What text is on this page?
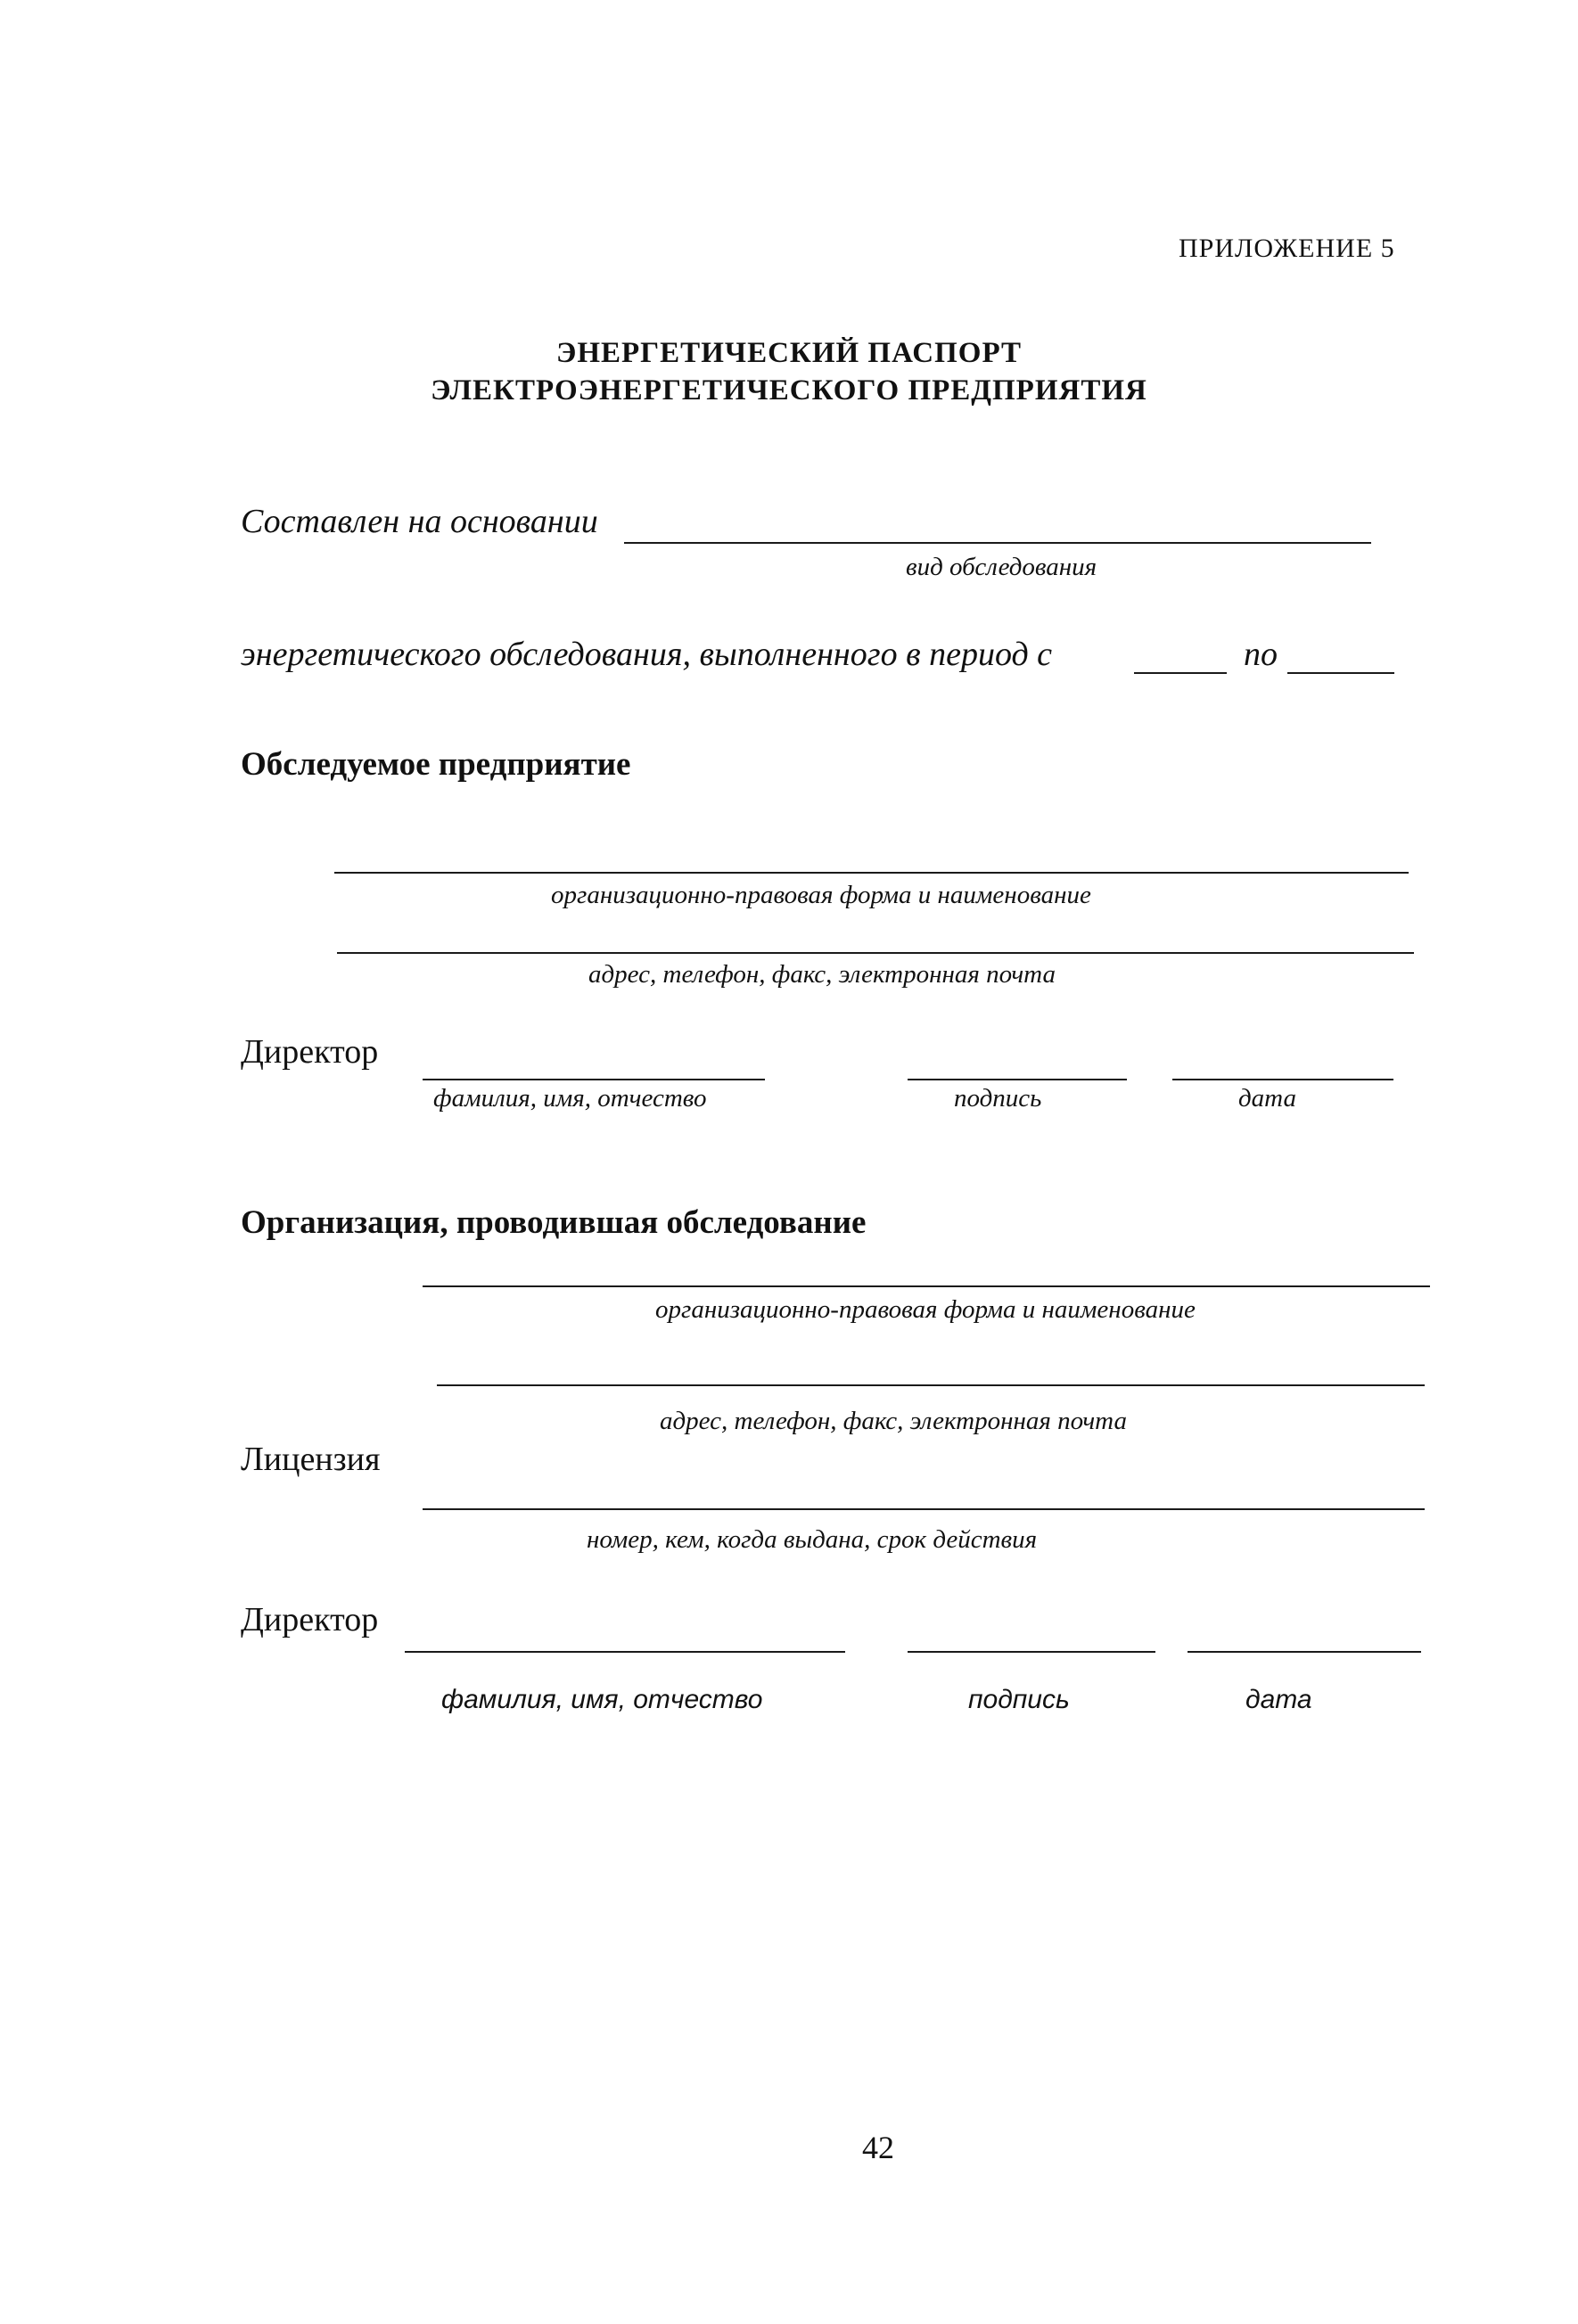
ПРИЛОЖЕНИЕ 5
ЭНЕРГЕТИЧЕСКИЙ ПАСПОРТ
ЭЛЕКТРОЭНЕРГЕТИЧЕСКОГО ПРЕДПРИЯТИЯ
Составлен на основании
вид обследования
энергетического обследования, выполненного в период с	по
Обследуемое предприятие
организационно-правовая форма и наименование
адрес, телефон, факс, электронная почта
Директор
фамилия, имя, отчество	подпись	дата
Организация, проводившая обследование
организационно-правовая форма и наименование
адрес, телефон, факс, электронная почта
Лицензия
номер, кем, когда выдана, срок действия
Директор
фамилия, имя, отчество	подпись	дата
42
